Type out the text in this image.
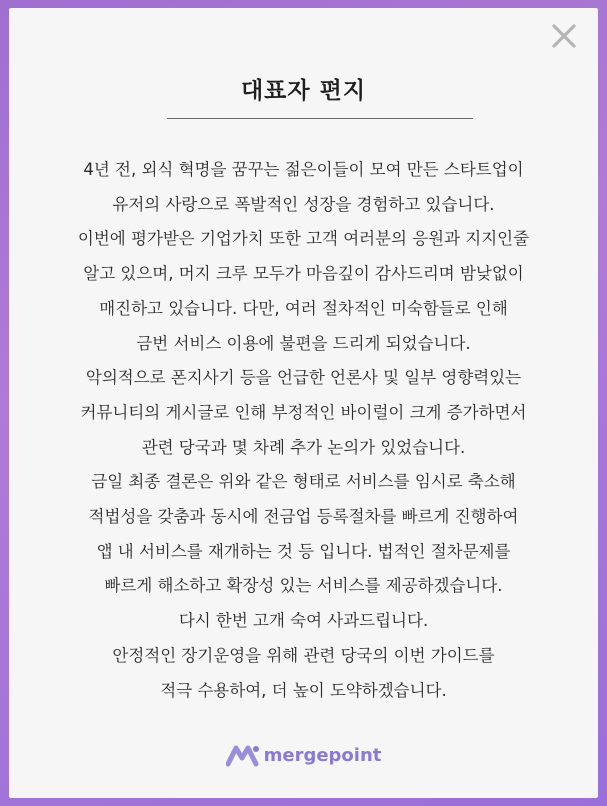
대표자 편지
4년 전, 외식 혁명을 꿈꾸는 젊은이들이 모여 만든 스타트업이
유저의 사랑으로 폭발적인 성장을 경험하고 있습니다.
이번에 평가받은 기업가치 또한 고객 여러분의 응원과 지지인줄
알고 있으며, 머지 크루 모두가 마음깊이 감사드리며 밤낮없이
매진하고 있습니다. 다만, 여러 절차적인 미숙함들로 인해
금번 서비스 이용에 불편을 드리게 되었습니다.
악의적으로 폰지사기 등을 언급한 언론사 및 일부 영향력있는
커뮤니티의 게시글로 인해 부정적인 바이럴이 크게 증가하면서
관련 당국과 몇 차례 추가 논의가 있었습니다.
금일 최종 결론은 위와 같은 형태로 서비스를 임시로 축소해
적법성을 갖춤과 동시에 전금업 등록절차를 빠르게 진행하여
앱 내 서비스를 재개하는 것 등 입니다. 법적인 절차문제를
빠르게 해소하고 확장성 있는 서비스를 제공하겠습니다.
다시 한번 고개 숙여 사과드립니다.
안정적인 장기운영을 위해 관련 당국의 이번 가이드를
적극 수용하여, 더 높이 도약하겠습니다.
mergepoint
